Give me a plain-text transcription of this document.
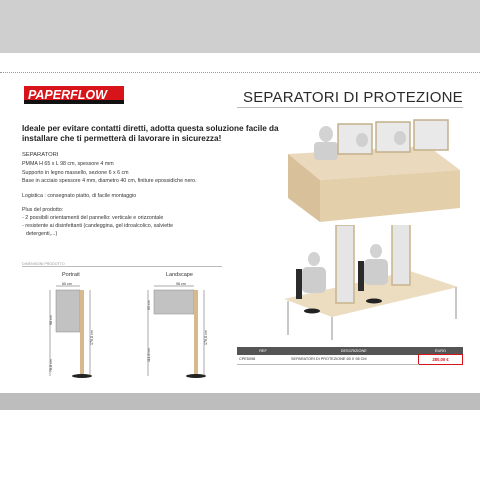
PAPERFLOW	SEPARATORI DI PROTEZIONE
Ideale per evitare contatti diretti, adotta questa soluzione facile da installare che ti permetterà di lavorare in sicurezza!
SEPARATORI
PMMA H 65 x L 98 cm, spessore 4 mm
Supporto in legno massello, sezione 6 x 6 cm
Base in acciaio spessore 4 mm, diametro 40 cm, finiture epossidiche nero.
Logistica : consegnato piatto, di facile montaggio
Plus del prodotto:
- 2 possibili orientamenti del pannello: verticale e orizzontale
- resistente ai disinfettanti (candeggina, gel idroalcolico, salviette
detergenti,...)
DIMENSIONI PRODOTTO
Portrait	Landscape
65 cm
98 cm
78,8 cm
176,8 cm
98 cm
65 cm
111,8 cm
176,8 cm
REF	DESCRIZIONE	EURO
CPE5098	SEPARATORI DI PROTEZIONE 65 X 98 CM	280,00 €
